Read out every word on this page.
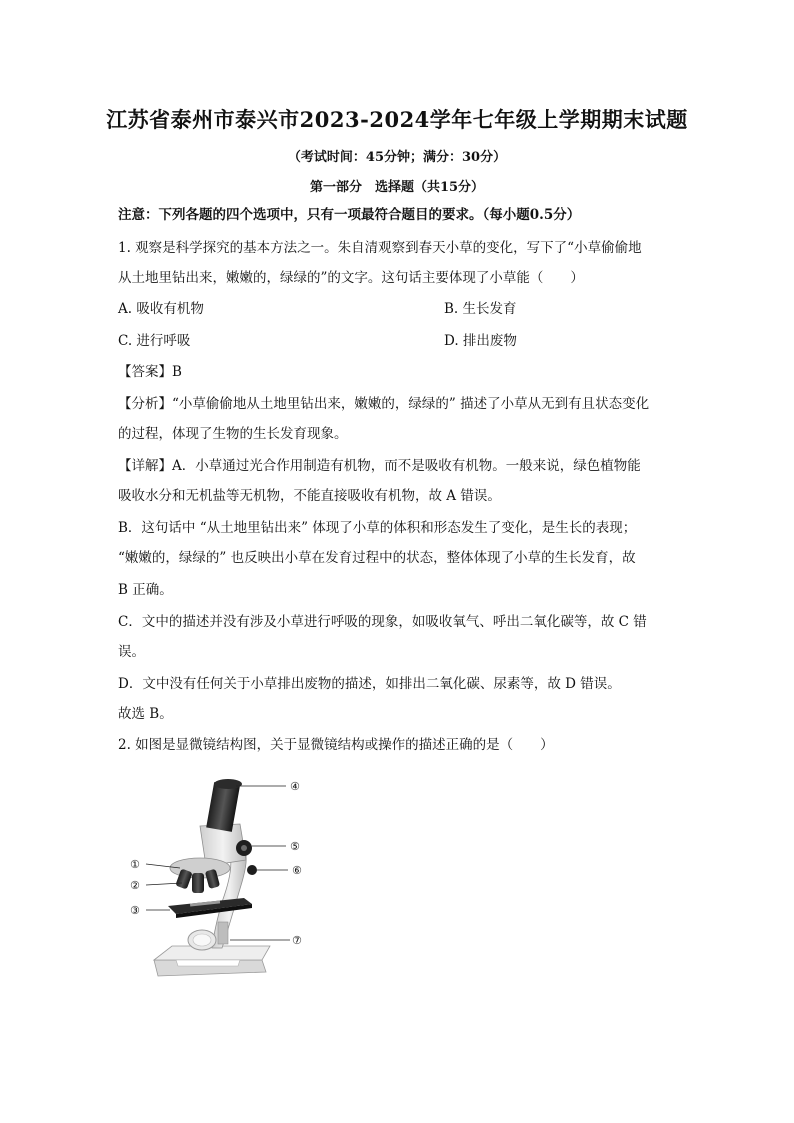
江苏省泰州市泰兴市2023-2024学年七年级上学期期末试题
（考试时间：45分钟；满分：30分）
第一部分　选择题（共15分）
注意：下列各题的四个选项中，只有一项最符合题目的要求。（每小题0.5分）
1. 观察是科学探究的基本方法之一。朱自清观察到春天小草的变化，写下了“小草偷偷地
从土地里钻出来，嫩嫩的，绿绿的”的文字。这句话主要体现了小草能（　　）
A. 吸收有机物	B. 生长发育
C. 进行呼吸	D. 排出废物
【答案】B
【分析】“小草偷偷地从土地里钻出来，嫩嫩的，绿绿的” 描述了小草从无到有且状态变化
的过程，体现了生物的生长发育现象。
【详解】A．小草通过光合作用制造有机物，而不是吸收有机物。一般来说，绿色植物能
吸收水分和无机盐等无机物，不能直接吸收有机物，故 A 错误。
B．这句话中 “从土地里钻出来” 体现了小草的体积和形态发生了变化，是生长的表现；
“嫩嫩的，绿绿的” 也反映出小草在发育过程中的状态，整体体现了小草的生长发育，故
B 正确。
C．文中的描述并没有涉及小草进行呼吸的现象，如吸收氧气、呼出二氧化碳等，故 C 错
误。
D．文中没有任何关于小草排出废物的描述，如排出二氧化碳、尿素等，故 D 错误。
故选 B。
2. 如图是显微镜结构图，关于显微镜结构或操作的描述正确的是（　　）
④
⑤
⑥
⑦
①
②
③
